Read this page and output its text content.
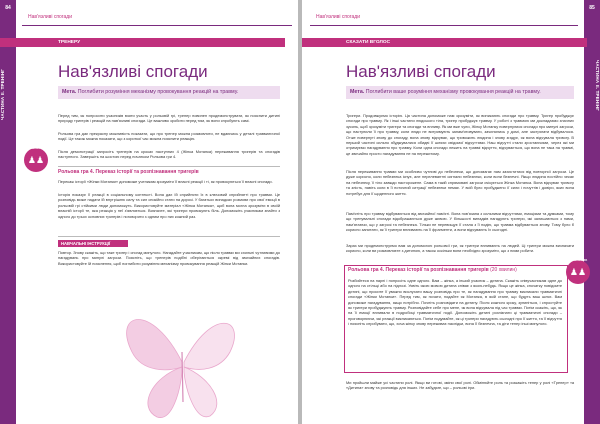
84
ЧАСТИНА II. ТРЕНІНГ
Нав'язливі спогади
ТРЕНЕРУ
Нав'язливі спогади
Мета. Поглибити розуміння механізму провокування реакцій на травму.
Перед тим, як попросити учасників взяти участь у рольовій грі, тренер повинен продемонструвати, як пояснити дитині природу тригерів і реакцій на нав'язливі спогади. Це важливо зробити перед тим, як вони спробують самі.
Рольова гра дає прекрасну можливість показати, що про тренер можна розмовляти, не вдаючись у деталі травматичної події. Це також можна показати, що з короткої час можна пояснити реакцію.
Після демонстрації запросіть тренерів на кроках наступних 4 (Жінка Мотанка) переживання тригерів та спогадів наступного. Завершіть на шостою перед початком Рольова гри 4.
РОЛЬОВА ГРА
♟♟
Рольова гра 4. Переказ історії та розпізнавання тригерів
Перекаж історії «Жінки Мотанки» допоможе ученикам зрозуміти її власні реакції і ті, як провокуються її власні спогади.
Історія показує її реакції в соціальному контексті. Вона дає їй сприйняти їх в ключовий сприйнятті про травми. Це розповідь може надати їй внутрішню силу та сил спокійно стати на дорозі. У багатьох випадках розмови про свої емоції в рольовій грі стійкими люди допоможуть. Використовуйте матеріал «Жінка Мотанка», щоб вона могла зрозуміти в своїй власній історії те, яка реакція у неї з'являється. Визначте, які тригери провокують біль. Допоможіть учасникам знайти з одного до трьох основних тригерів і поговорити з одним про них кожний раз.
НАВЧАЛЬНІ ІНСТРУКЦІЇ
Повтор. Знову скажіть, що таке тригер і спогад минулого. Нагадайте учасникам, що після травми ми схильні чутливими до нагадувань про минулі загрози. Поясніть, що тренерів подібні оберігаються окремі від звичайних спогадів. Використовуйте їй пояснення, щоб поглибити розуміння механізму провокування реакцій Жінки Мотанки.
85
ЧАСТИНА II. ТРЕНІНГ
Нав'язливі спогади
СКАЗАТИ ВГОЛОС
Нав'язливі спогади
Мета. Поглибити ваше розуміння механізму провокування реакцій на травму.
Тригери. Продовжуємо історію. Ця частина допоможе нам зрозуміти, як виникають спогади про травму. Тригер пробуджує спогади про травму. Як і інші частини людського тіла, тригер пробуджує травму. У роботі з травмою ми докладаємо значних зусиль, щоб зрозуміти тригери та спогади та впливу. Як ми вже чули, Жінку Мотанку повернулися спогади про минулі загрози, що наступили її про травму, коли люди не витримують запам'ятовувати, зачинились у домі, але застрягати відбувалося. Отже повернуті знову до спогаду, вона знову відчуває, що тривожить людина і знову згадує, як вона відчувала тривогу. В перший частині сильно збуджувалися обидві її шляхи свідомої відчуттями. Наш відчутті стали зростаючими, через які ми отримуємо нагадування про травму. Коли одна спогади лежить на травмі відчуття, відчувається, що вона не така на травмі, це звичайно просто нагадування не на пережитому.
Після переживання травми ми особливо чутливі до небезпеки, що допомагає нам захиститися від повторної загрози. Це дуже корисно, коли небезпека існує, але нерелевантні сигнали небезпеки, коли вони безпечні. Якщо людина постійно чекає на небезпеку, її тіло завжди насторожене. Сама в такій спрямовані загрози очікується Жінка Мотанка. Вона відчуває тривогу та злість, навіть коли в її поточний ситуації небезпеки немає. У всій було пробуджено її сили і почуттів і довіри, яких вона потребує для її щоденного життя.
Пам'ятіть про травму відбуваються від звичайної пам'яті. Вона пов'язана з сильними відчуттями, емоціями та думками, тому що тренувальні спогади відображаються дуже живою. У більшості випадків нагадують тригери, які залишаються з нами, пам'ятаючи, що у загрозі та небезпека. Тільки не перевищує її стала з її подію, що травма відбувається знову. Тому було б корисно запитати, як її тригери впливають на її фрагменти, а вони відчувають їх сьогодні.
Зараз ми продемонструємо вам за допомогою рольової гри, як тригери впливають на людей. Ці тригери можна визначати корисно, коли ви розмовляєте з дитиною, а також оскільки вони необхідно зрозуміти, що з ними робити.
РОЛЬОВА ГРА
♟♟
Рольова гра 4. Переказ історії та розпізнавання тригерів (20 хвилин)
Розбийтеся на парні і попросіть одне одного. Вам – жінка, а інший учасник – дитина. Скажіть співучасникам одне до одного на стільці або на підлозі. Уявіть якою мовою дитина співає з якою-небудь. Якщо це жінка, спочатку повідомте дитині, що просите її уважно вислухати вашу розповідь про те, як нагадування про травму викликали травматичні спогади «Жінки Мотанки». Перед тим, як почати, подайте як Мотанка, в якій стане, що будуть ваш шлях. Вам допоможе нагадування, якщо потрібно. Почніть розповідати на дитину. Після кожного кроку, зупиніться, і спростуйте як тригери пробуджують травму. Розповідайте себе про мене, як вона відчувала під час травми. Потім скажіть, що, як на її емоції впливали в подробиці травматичної події. Допоможіть дитині розпізнати ці травматичні спогади – проговорюючи, які реакції викликаються. Потім подумайте, як ці тригери нагадують сьогодні про її життя, та її відчуття і поясніть спробувати, що, хоча жінку знову переживає наслідки, вона її безпечна, та діти тепер інші минулого.
Ми пройшли майже усі частини ролі. Якщо ви готові, зміни свої ролі. Обмінюйте роль та розкажіть тепер у ролі «Тренер» та «Дитина» знову та розповідь для інших. Не забудьте, що – рольові ігри.
